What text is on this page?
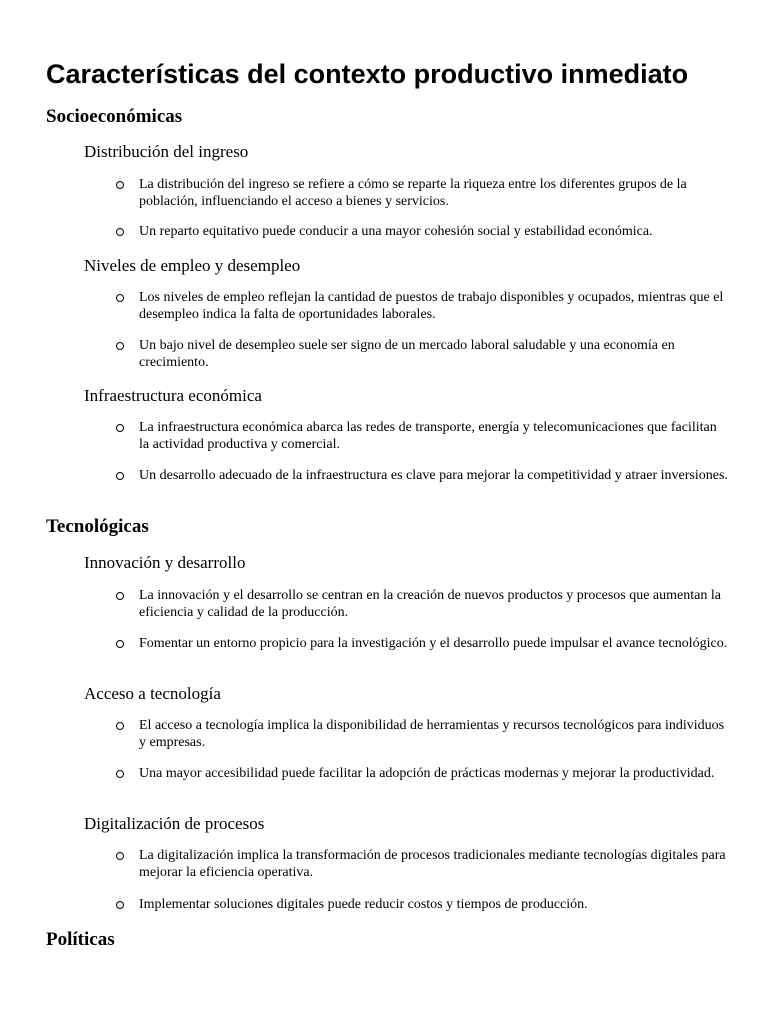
Características del contexto productivo inmediato
Socioeconómicas
Distribución del ingreso

La distribución del ingreso se refiere a cómo se reparte la riqueza entre los diferentes grupos de la población, influenciando el acceso a bienes y servicios.

Un reparto equitativo puede conducir a una mayor cohesión social y estabilidad económica.

Niveles de empleo y desempleo

Los niveles de empleo reflejan la cantidad de puestos de trabajo disponibles y ocupados, mientras que el desempleo indica la falta de oportunidades laborales.

Un bajo nivel de desempleo suele ser signo de un mercado laboral saludable y una economía en crecimiento.

Infraestructura económica

La infraestructura económica abarca las redes de transporte, energía y telecomunicaciones que facilitan la actividad productiva y comercial.

Un desarrollo adecuado de la infraestructura es clave para mejorar la competitividad y atraer inversiones.

Tecnológicas
Innovación y desarrollo

La innovación y el desarrollo se centran en la creación de nuevos productos y procesos que aumentan la eficiencia y calidad de la producción.

Fomentar un entorno propicio para la investigación y el desarrollo puede impulsar el avance tecnológico.

Acceso a tecnología

El acceso a tecnología implica la disponibilidad de herramientas y recursos tecnológicos para individuos y empresas.

Una mayor accesibilidad puede facilitar la adopción de prácticas modernas y mejorar la productividad.

Digitalización de procesos

La digitalización implica la transformación de procesos tradicionales mediante tecnologías digitales para mejorar la eficiencia operativa.

Implementar soluciones digitales puede reducir costos y tiempos de producción.

Políticas
